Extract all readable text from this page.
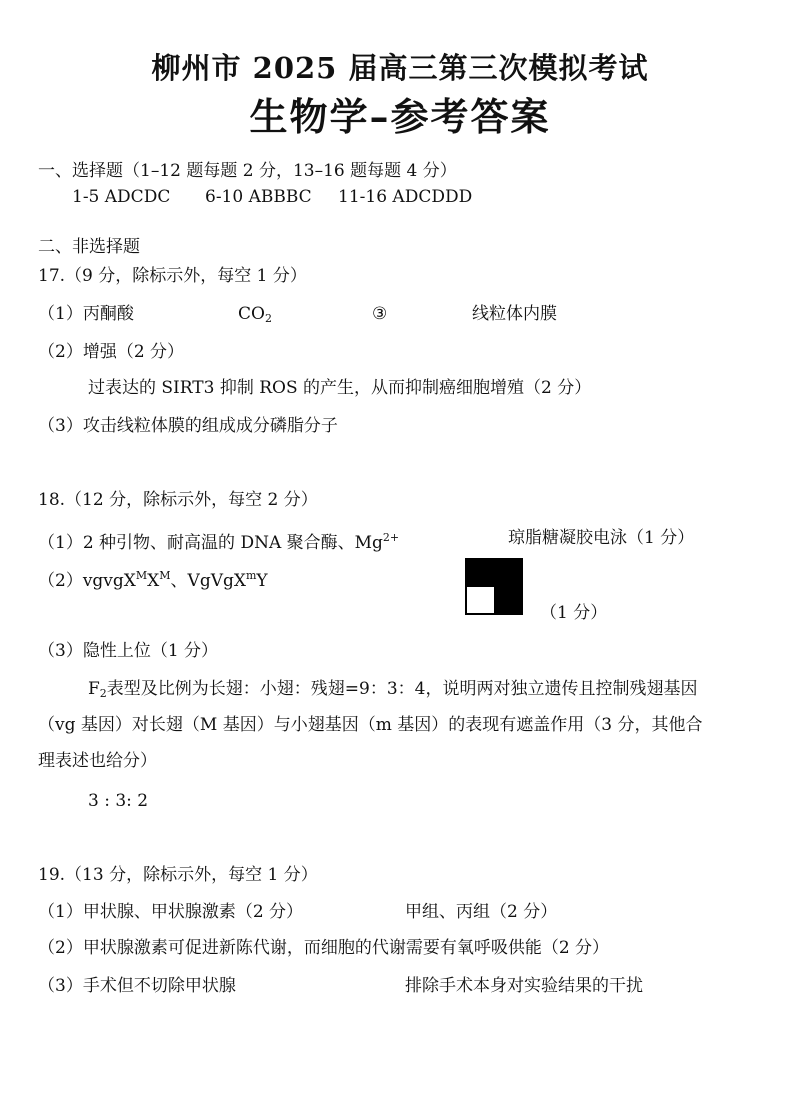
柳州市 2025 届高三第三次模拟考试
生物学–参考答案
一、选择题（1–12 题每题 2 分，13–16 题每题 4 分）
1-5 ADCDC 6-10 ABBBC 11-16 ADCDDD
二、非选择题
17.（9 分，除标示外，每空 1 分）
（1）丙酮酸	$CO_2$	③	线粒体内膜
（2）增强（2 分）
过表达的 SIRT3 抑制 ROS 的产生，从而抑制癌细胞增殖（2 分）
（3）攻击线粒体膜的组成成分磷脂分子
18.（12 分，除标示外，每空 2 分）
（1）2 种引物、耐高温的 DNA 聚合酶、$Mg^{2+}$	琼脂糖凝胶电泳（1 分）
$(2)vgvgX^MX^M$、VgVgX$^m$Y
（1 分）
（3）隐性上位（1 分）
$F_2$表型及比例为长翅：小翅：残翅=9：3：4，说明两对独立遗传且控制残翅基因
（vg 基因）对长翅（M 基因）与小翅基因（m 基因）的表现有遮盖作用（3 分，其他合
理表述也给分）
3 : 3: 2
19.（13 分，除标示外，每空 1 分）
（1）甲状腺、甲状腺激素（2 分）	甲组、丙组（2 分）
（2）甲状腺激素可促进新陈代谢，而细胞的代谢需要有氧呼吸供能（2 分）
（3）手术但不切除甲状腺	排除手术本身对实验结果的干扰
